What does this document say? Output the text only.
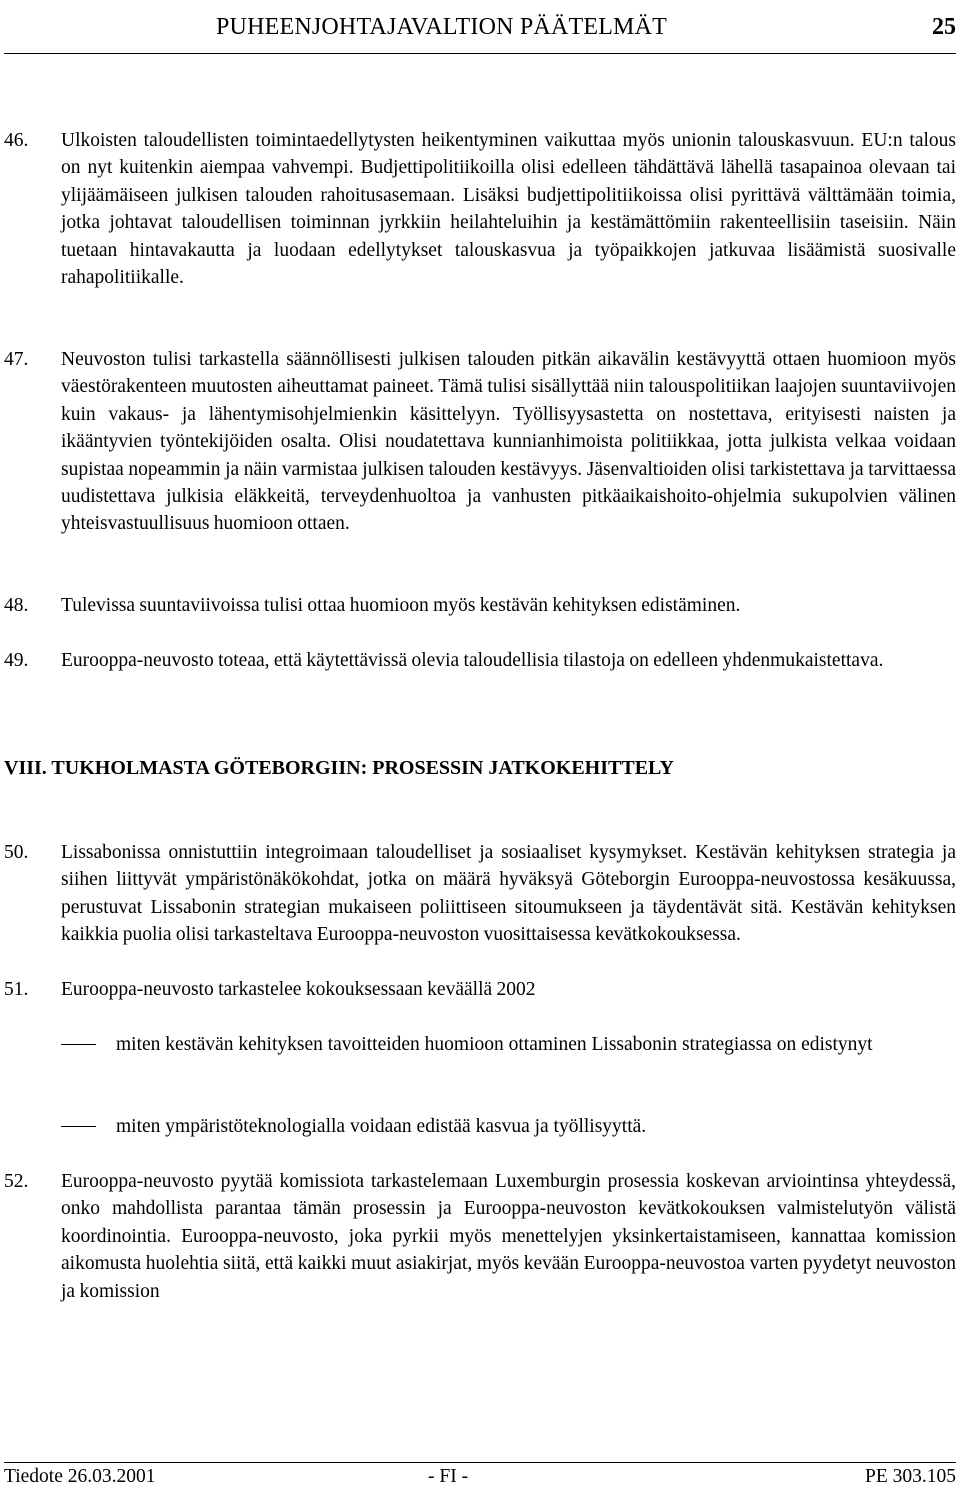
PUHEENJOHTAJAVALTION PÄÄTELMÄT	25
46. Ulkoisten taloudellisten toimintaedellytysten heikentyminen vaikuttaa myös unionin talouskasvuun. EU:n talous on nyt kuitenkin aiempaa vahvempi. Budjettipolitiikoilla olisi edelleen tähdättävä lähellä tasapainoa olevaan tai ylijäämäiseen julkisen talouden rahoitusasemaan. Lisäksi budjettipolitiikoissa olisi pyrittävä välttämään toimia, jotka johtavat taloudellisen toiminnan jyrkkiin heilahteluihin ja kestämättömiin rakenteellisiin taseisiin. Näin tuetaan hintavakautta ja luodaan edellytykset talouskasvua ja työpaikkojen jatkuvaa lisäämistä suosivalle rahapolitiikalle.
47. Neuvoston tulisi tarkastella säännöllisesti julkisen talouden pitkän aikavälin kestävyyttä ottaen huomioon myös väestörakenteen muutosten aiheuttamat paineet. Tämä tulisi sisällyttää niin talouspolitiikan laajojen suuntaviivojen kuin vakaus- ja lähentymisohjelmienkin käsittelyyn. Työllisyysastetta on nostettava, erityisesti naisten ja ikääntyvien työntekijöiden osalta. Olisi noudatettava kunnianhimoista politiikkaa, jotta julkista velkaa voidaan supistaa nopeammin ja näin varmistaa julkisen talouden kestävyys. Jäsenvaltioiden olisi tarkistettava ja tarvittaessa uudistettava julkisia eläkkeitä, terveydenhuoltoa ja vanhusten pitkäaikaishoito-ohjelmia sukupolvien välinen yhteisvastuullisuus huomioon ottaen.
48. Tulevissa suuntaviivoissa tulisi ottaa huomioon myös kestävän kehityksen edistäminen.
49. Eurooppa-neuvosto toteaa, että käytettävissä olevia taloudellisia tilastoja on edelleen yhdenmukaistettava.
VIII. TUKHOLMASTA GÖTEBORGIIN: PROSESSIN JATKOKEHITTELY
50. Lissabonissa onnistuttiin integroimaan taloudelliset ja sosiaaliset kysymykset. Kestävän kehityksen strategia ja siihen liittyvät ympäristönäkökohdat, jotka on määrä hyväksyä Göteborgin Eurooppa-neuvostossa kesäkuussa, perustuvat Lissabonin strategian mukaiseen poliittiseen sitoumukseen ja täydentävät sitä. Kestävän kehityksen kaikkia puolia olisi tarkasteltava Eurooppa-neuvoston vuosittaisessa kevätkokouksessa.
51. Eurooppa-neuvosto tarkastelee kokouksessaan keväällä 2002
miten kestävän kehityksen tavoitteiden huomioon ottaminen Lissabonin strategiassa on edistynyt
miten ympäristöteknologialla voidaan edistää kasvua ja työllisyyttä.
52. Eurooppa-neuvosto pyytää komissiota tarkastelemaan Luxemburgin prosessia koskevan arviointinsa yhteydessä, onko mahdollista parantaa tämän prosessin ja Eurooppa-neuvoston kevätkokouksen valmistelutyön välistä koordinointia. Eurooppa-neuvosto, joka pyrkii myös menettelyjen yksinkertaistamiseen, kannattaa komission aikomusta huolehtia siitä, että kaikki muut asiakirjat, myös kevään Eurooppa-neuvostoa varten pyydetyt neuvoston ja komission
Tiedote 26.03.2001	- FI -	PE 303.105
